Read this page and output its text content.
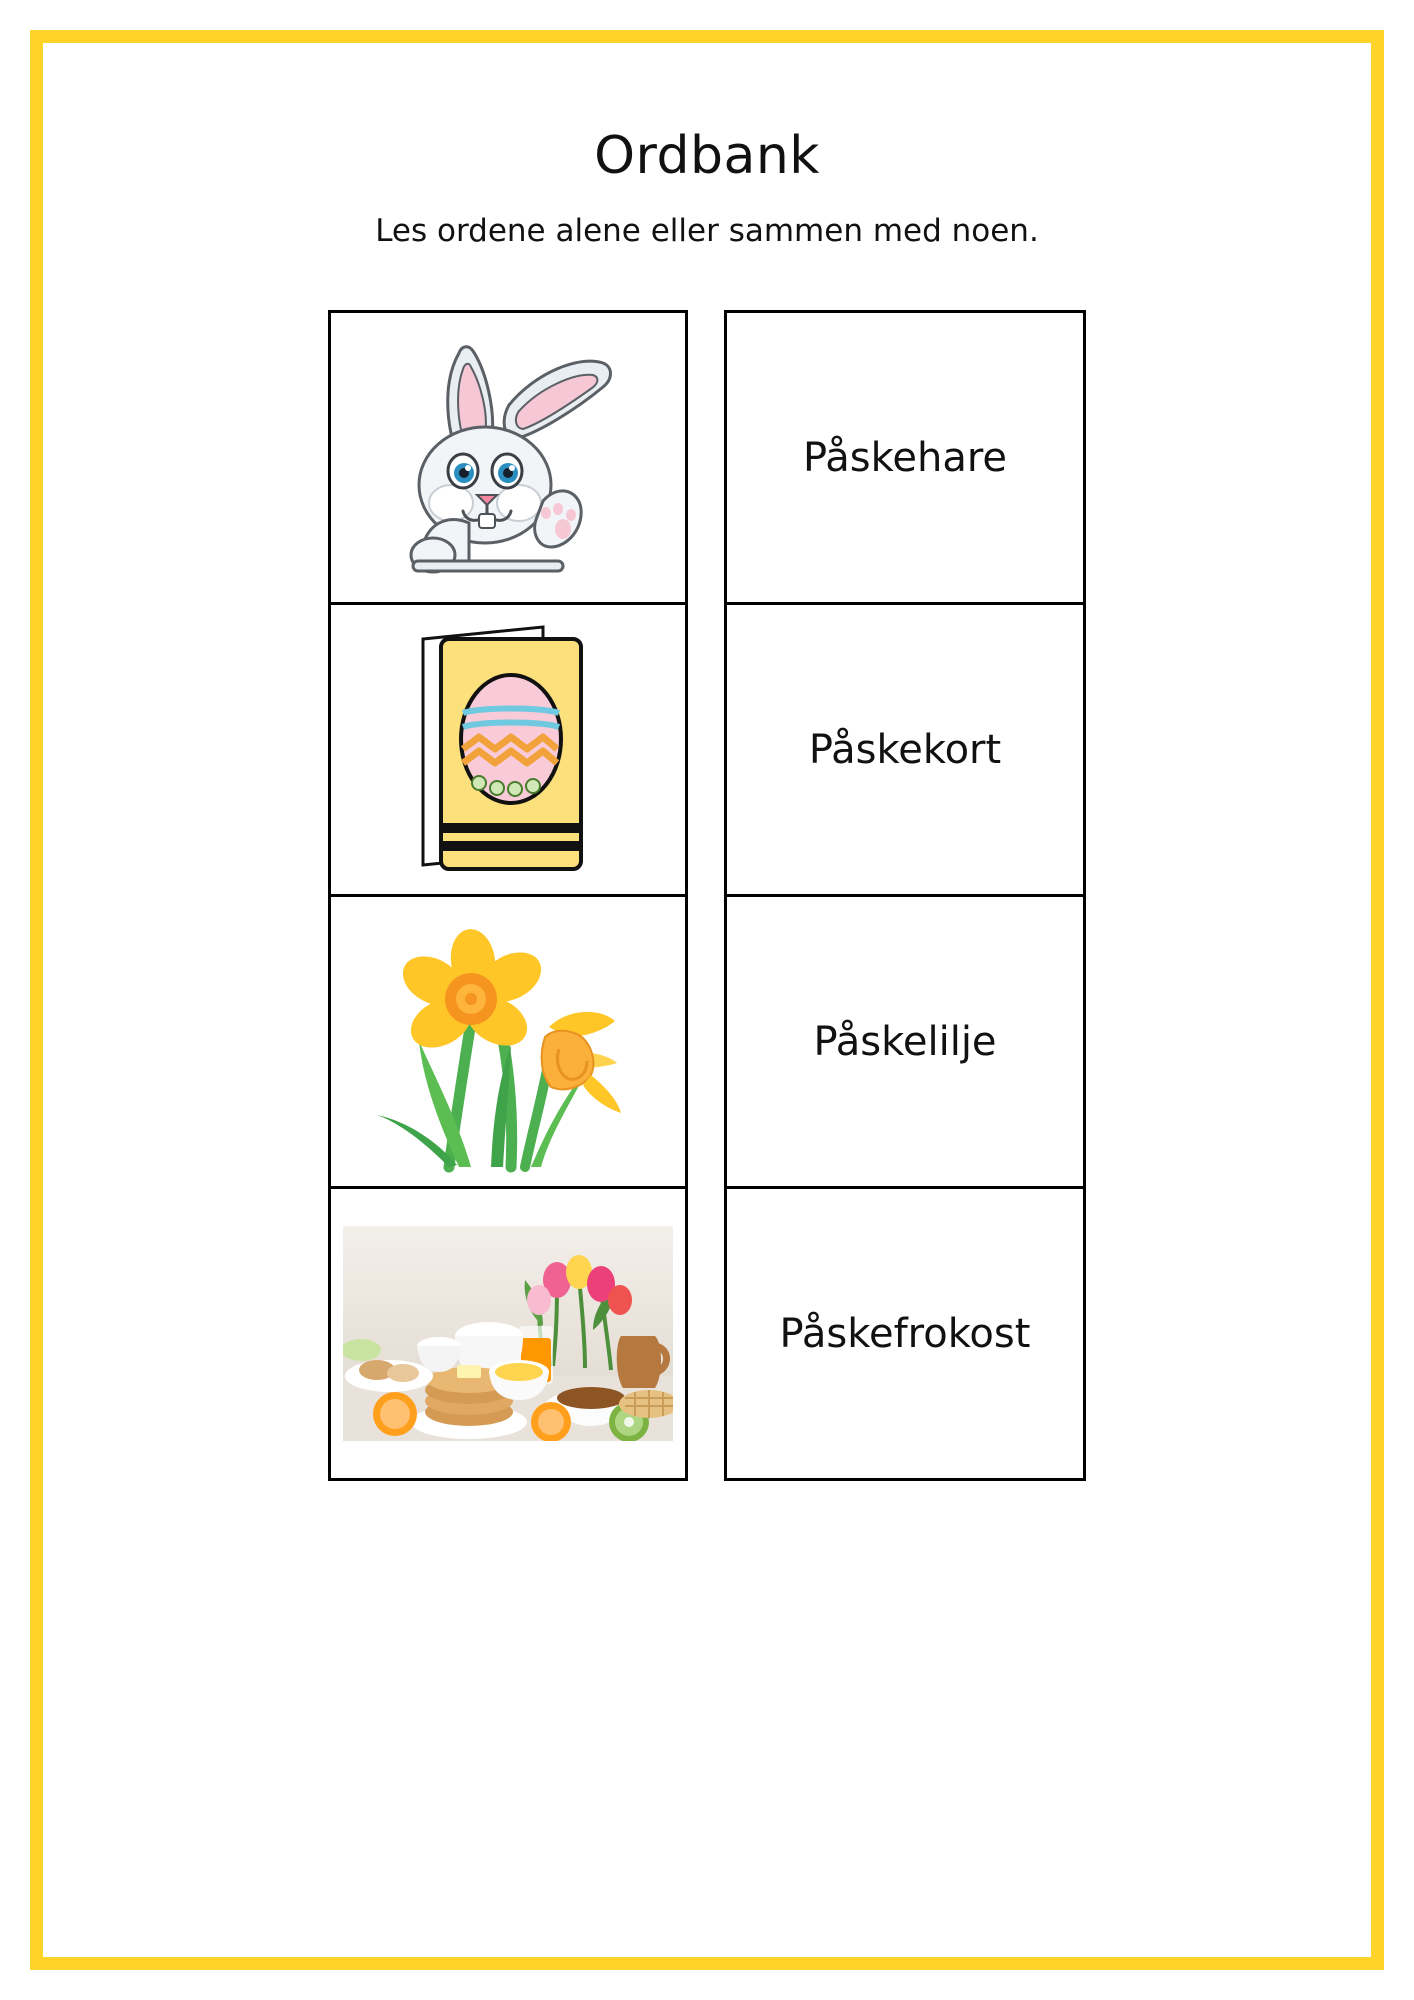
Ordbank
Les ordene alene eller sammen med noen.
Påskehare
Påskekort
Påskelilje
Påskefrokost
